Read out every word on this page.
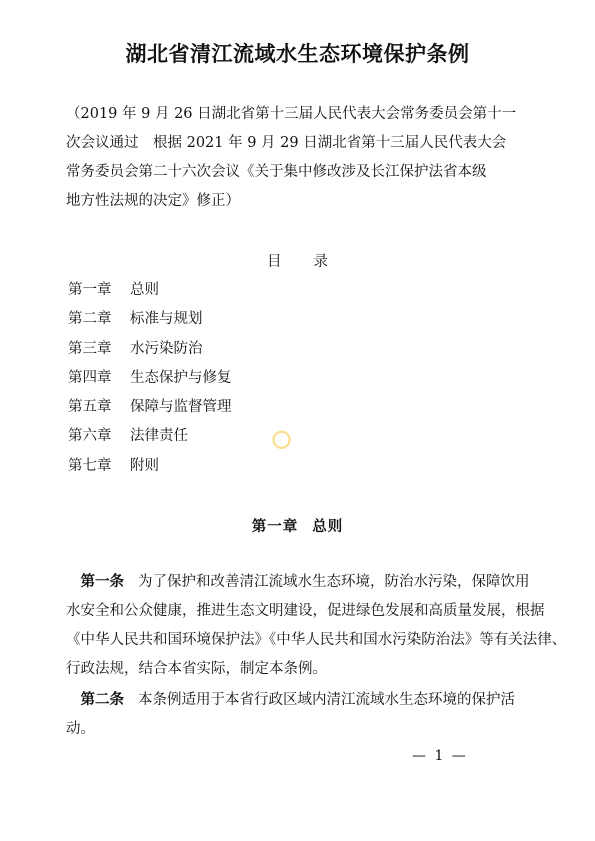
湖北省清江流域水生态环境保护条例
（2019 年 9 月 26 日湖北省第十三届人民代表大会常务委员会第十一
次会议通过　根据 2021 年 9 月 29 日湖北省第十三届人民代表大会
常务委员会第二十六次会议《关于集中修改涉及长江保护法省本级
地方性法规的决定》修正）
目录
第一章 总则
第二章 标准与规划
第三章 水污染防治
第四章 生态保护与修复
第五章 保障与监督管理
第六章 法律责任
第七章 附则
第一章 总则
　第一条 为了保护和改善清江流域水生态环境，防治水污染，保障饮用
水安全和公众健康，推进生态文明建设，促进绿色发展和高质量发展，根据
《中华人民共和国环境保护法》《中华人民共和国水污染防治法》等有关法律、
行政法规，结合本省实际，制定本条例。
　第二条 本条例适用于本省行政区域内清江流域水生态环境的保护活
动。
— 1 —
